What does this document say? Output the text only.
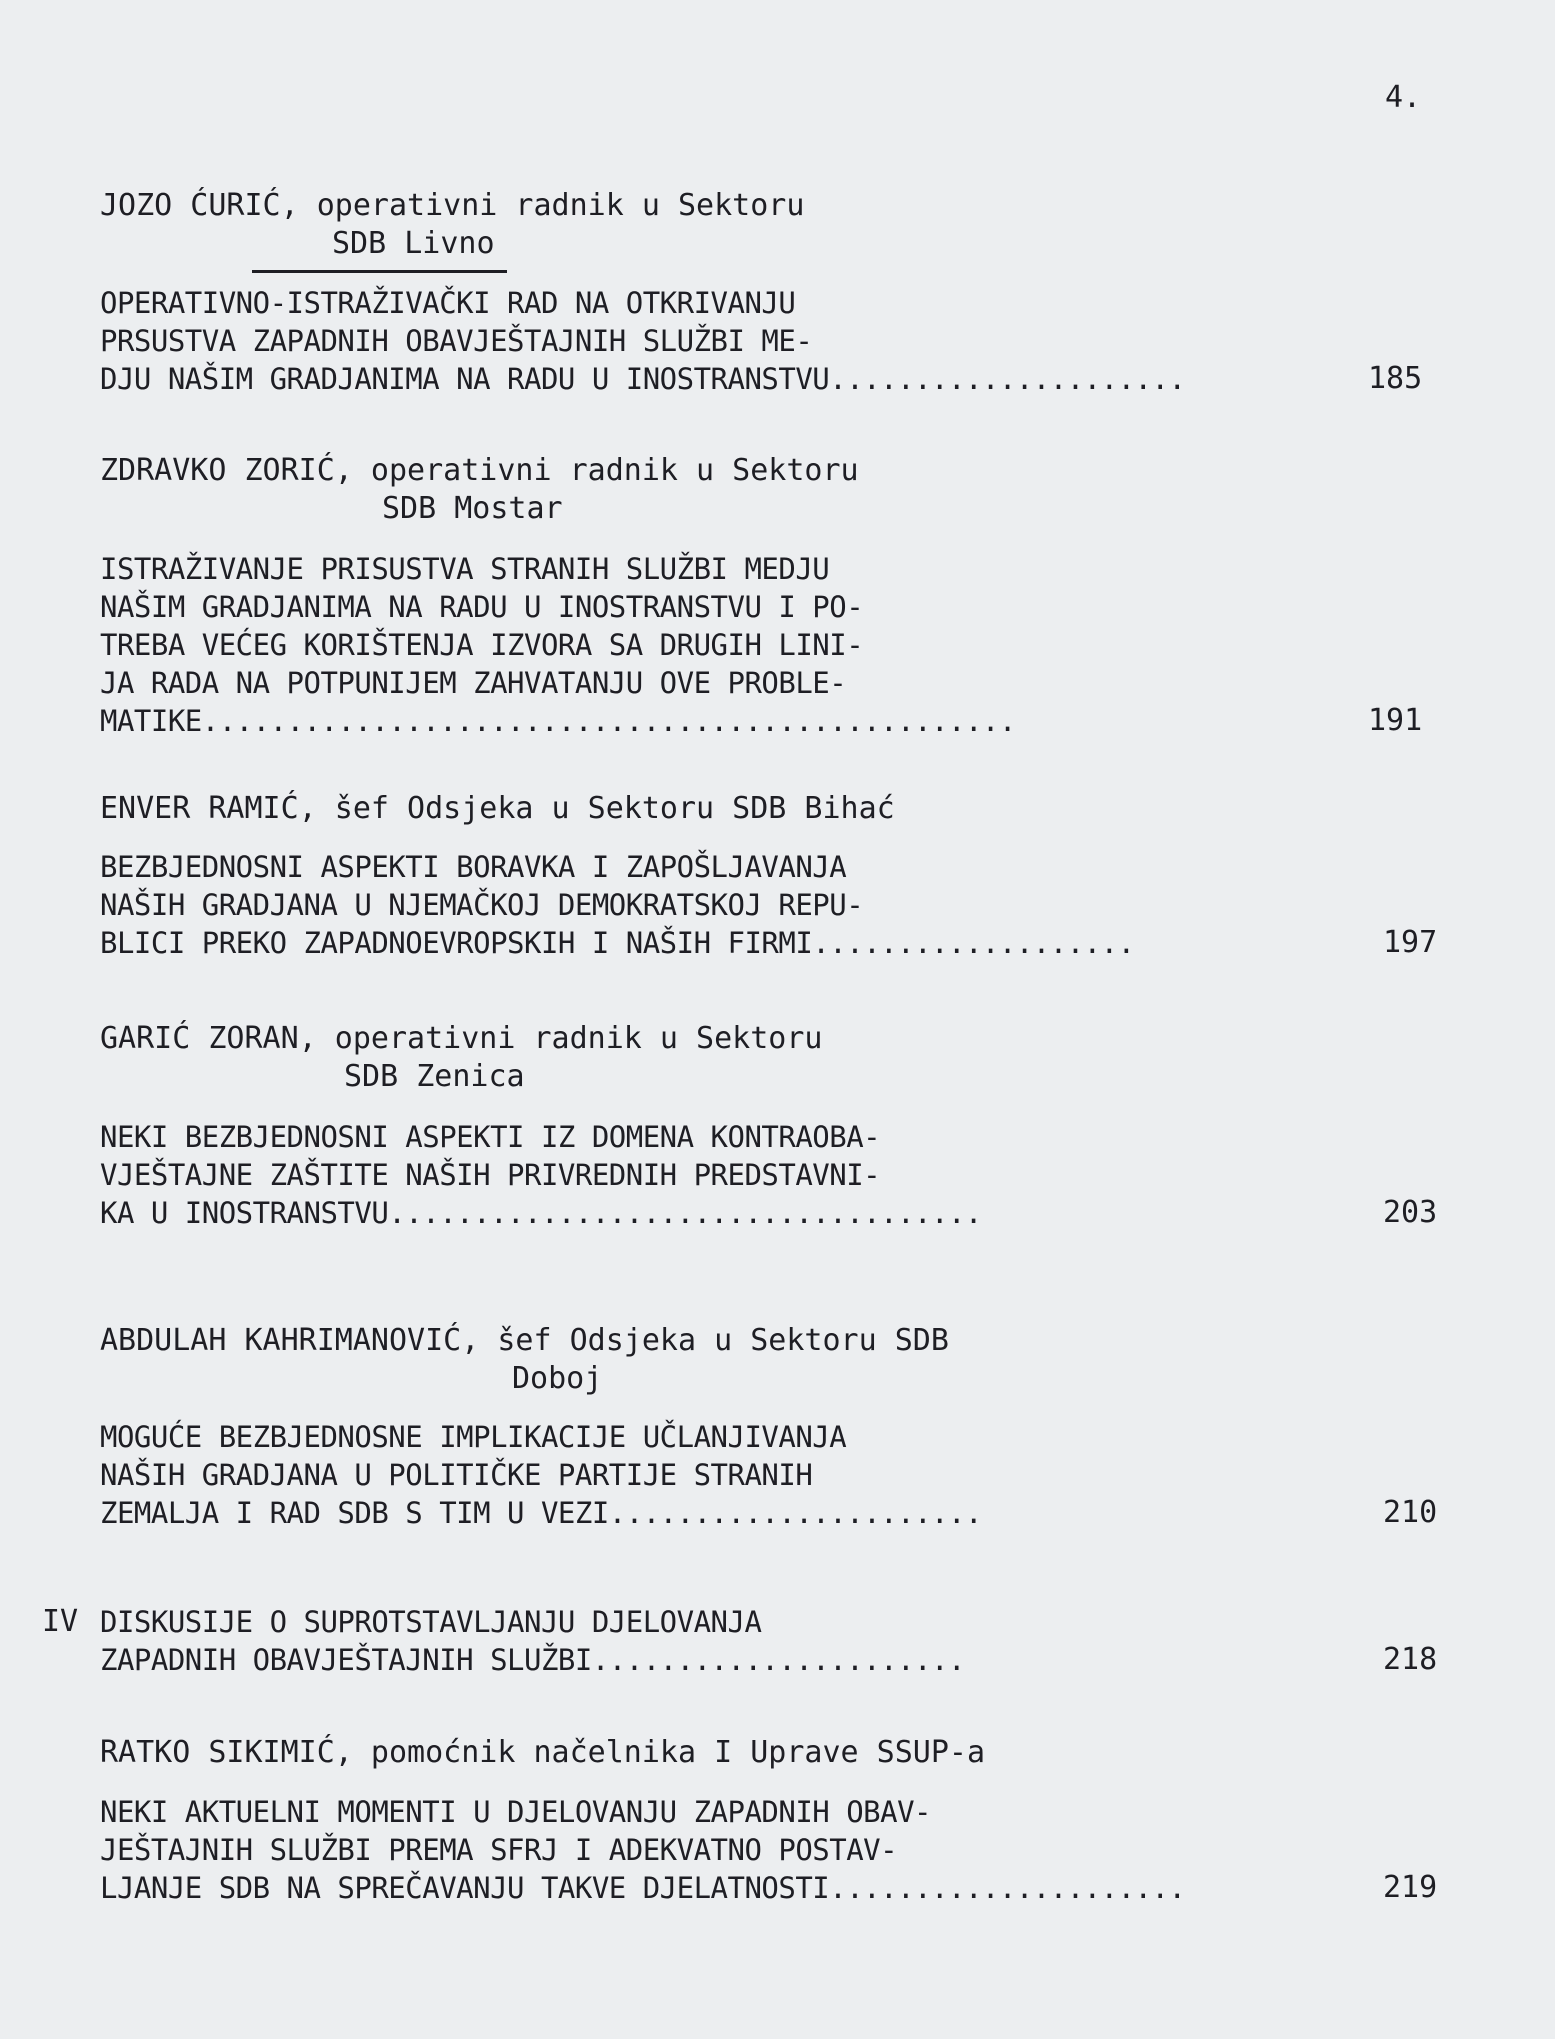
4.
JOZO ĆURIĆ, operativni radnik u Sektoru
SDB Livno
OPERATIVNO-ISTRAŽIVAČKI RAD NA OTKRIVANJU
PRSUSTVA ZAPADNIH OBAVJEŠTAJNIH SLUŽBI ME-
DJU NAŠIM GRADJANIMA NA RADU U INOSTRANSTVU.....................	185
ZDRAVKO ZORIĆ, operativni radnik u Sektoru
SDB Mostar
ISTRAŽIVANJE PRISUSTVA STRANIH SLUŽBI MEDJU
NAŠIM GRADJANIMA NA RADU U INOSTRANSTVU I PO-
TREBA VEĆEG KORIŠTENJA IZVORA SA DRUGIH LINI-
JA RADA NA POTPUNIJEM ZAHVATANJU OVE PROBLE-
MATIKE................................................	191
ENVER RAMIĆ, šef Odsjeka u Sektoru SDB Bihać
BEZBJEDNOSNI ASPEKTI BORAVKA I ZAPOŠLJAVANJA
NAŠIH GRADJANA U NJEMAČKOJ DEMOKRATSKOJ REPU-
BLICI PREKO ZAPADNOEVROPSKIH I NAŠIH FIRMI...................	197
GARIĆ ZORAN, operativni radnik u Sektoru
SDB Zenica
NEKI BEZBJEDNOSNI ASPEKTI IZ DOMENA KONTRAOBA-
VJEŠTAJNE ZAŠTITE NAŠIH PRIVREDNIH PREDSTAVNI-
KA U INOSTRANSTVU...................................	203
ABDULAH KAHRIMANOVIĆ, šef Odsjeka u Sektoru SDB
Doboj
MOGUĆE BEZBJEDNOSNE IMPLIKACIJE UČLANJIVANJA
NAŠIH GRADJANA U POLITIČKE PARTIJE STRANIH
ZEMALJA I RAD SDB S TIM U VEZI......................	210
IV DISKUSIJE O SUPROTSTAVLJANJU DJELOVANJA
ZAPADNIH OBAVJEŠTAJNIH SLUŽBI......................	218
RATKO SIKIMIĆ, pomoćnik načelnika I Uprave SSUP-a
NEKI AKTUELNI MOMENTI U DJELOVANJU ZAPADNIH OBAV-
JEŠTAJNIH SLUŽBI PREMA SFRJ I ADEKVATNO POSTAV-
LJANJE SDB NA SPREČAVANJU TAKVE DJELATNOSTI.....................	219
